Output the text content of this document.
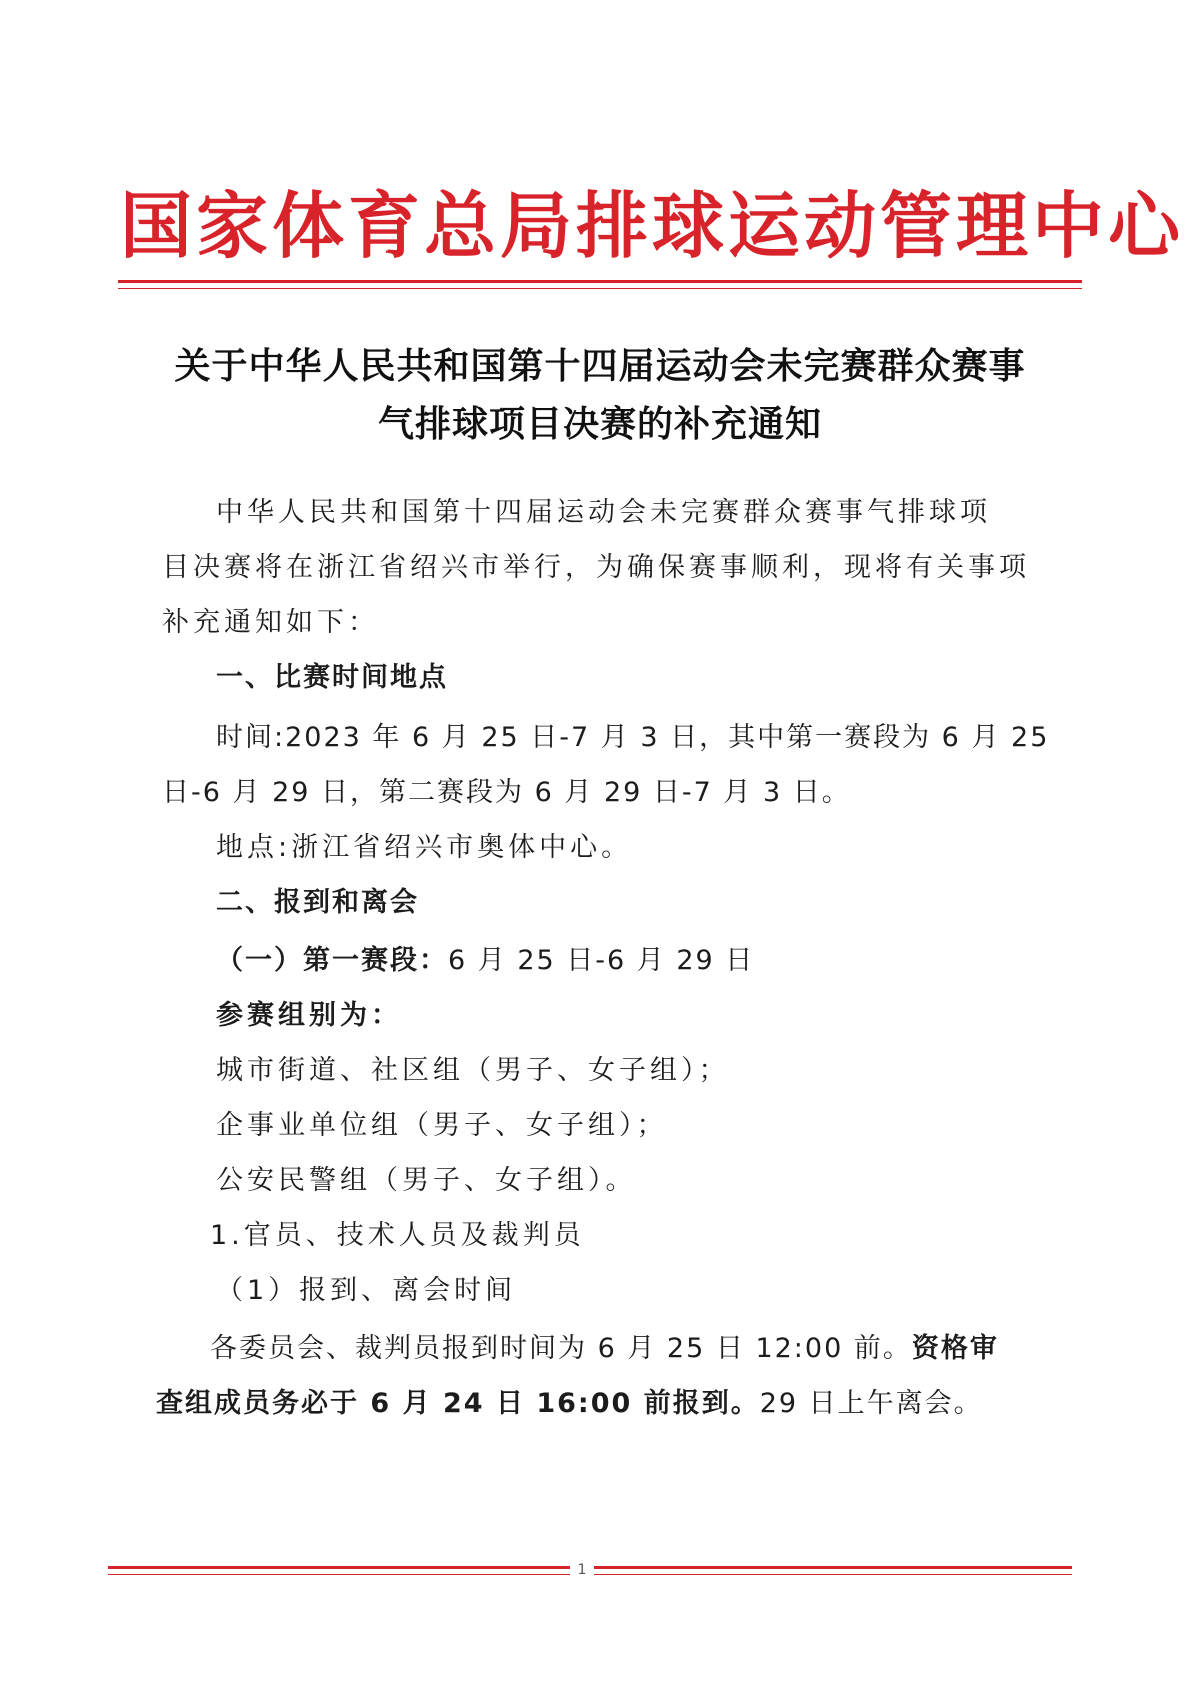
国家体育总局排球运动管理中心
关于中华人民共和国第十四届运动会未完赛群众赛事
气排球项目决赛的补充通知
中华人民共和国第十四届运动会未完赛群众赛事气排球项
目决赛将在浙江省绍兴市举行，为确保赛事顺利，现将有关事项
补充通知如下：
一、比赛时间地点
时间:2023 年 6 月 25 日-7 月 3 日，其中第一赛段为 6 月 25
日-6 月 29 日，第二赛段为 6 月 29 日-7 月 3 日。
地点:浙江省绍兴市奥体中心。
二、报到和离会
（一）第一赛段：6 月 25 日-6 月 29 日
参赛组别为：
城市街道、社区组（男子、女子组）；
企事业单位组（男子、女子组）；
公安民警组（男子、女子组）。
1.官员、技术人员及裁判员
（1）报到、离会时间
各委员会、裁判员报到时间为 6 月 25 日 12:00 前。资格审
查组成员务必于 6 月 24 日 16:00 前报到。29 日上午离会。
1
